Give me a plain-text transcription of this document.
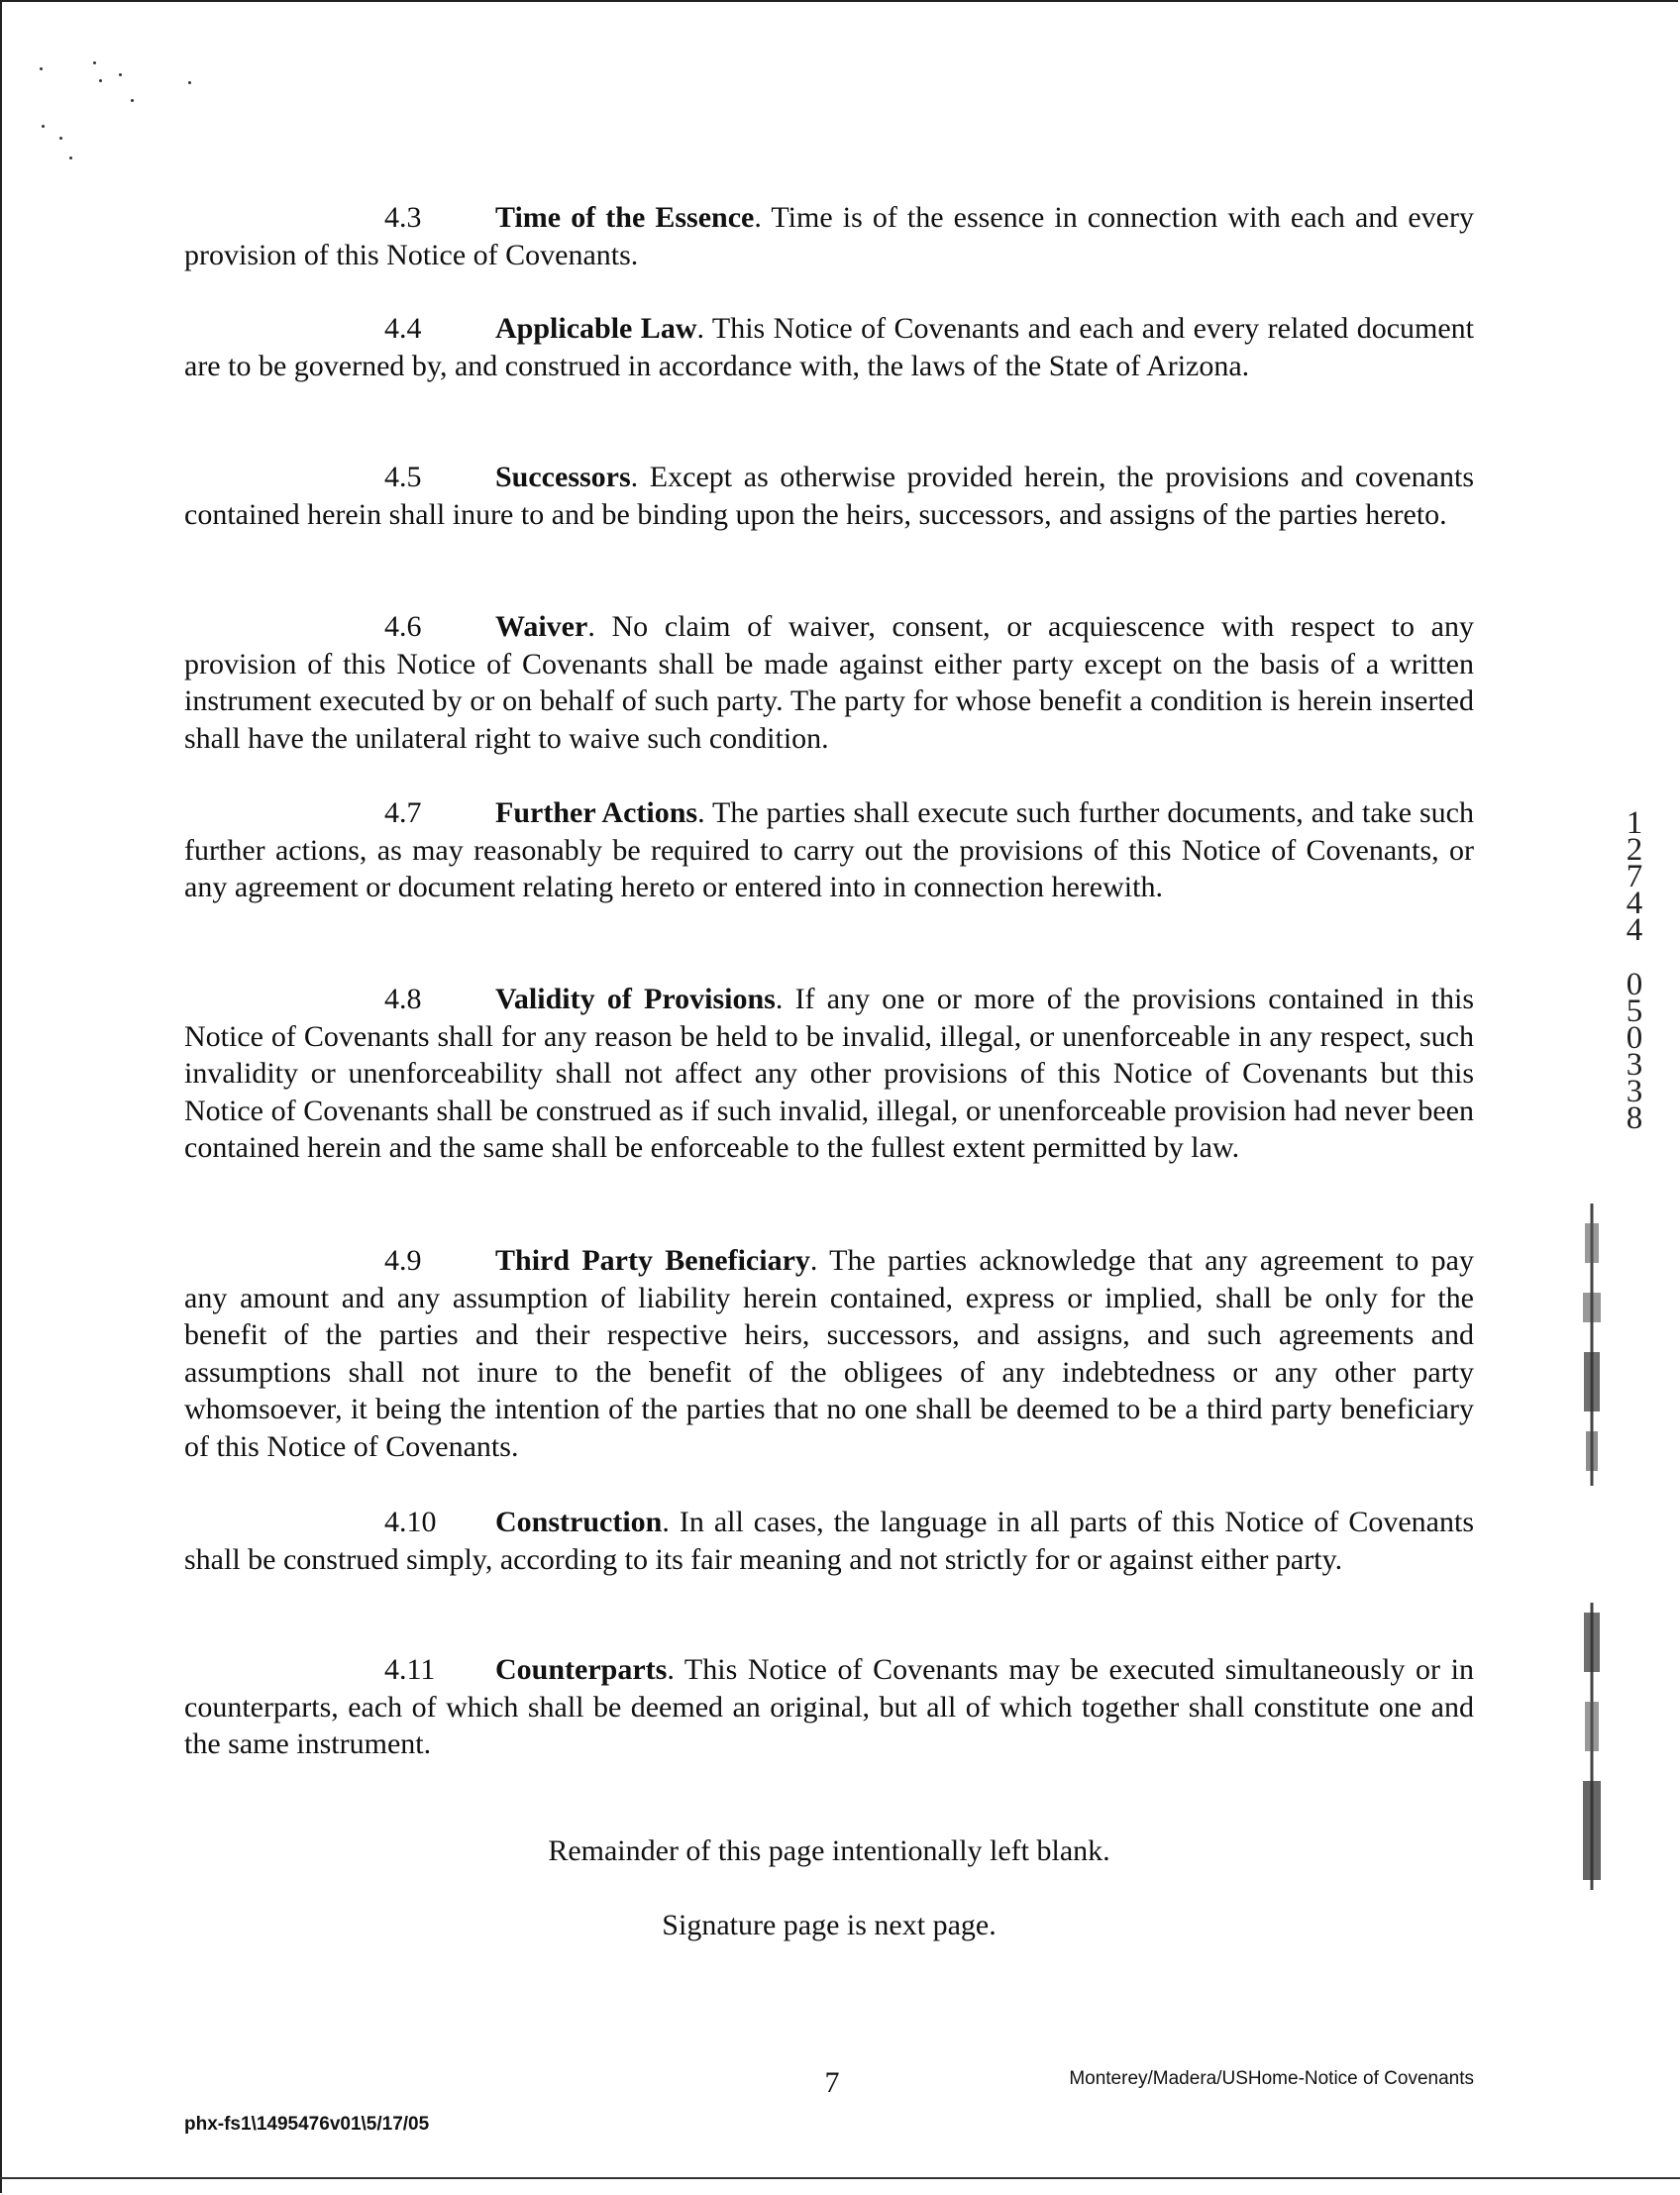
4.3 Time of the Essence. Time is of the essence in connection with each and every provision of this Notice of Covenants.
4.4 Applicable Law. This Notice of Covenants and each and every related document are to be governed by, and construed in accordance with, the laws of the State of Arizona.
4.5 Successors. Except as otherwise provided herein, the provisions and covenants contained herein shall inure to and be binding upon the heirs, successors, and assigns of the parties hereto.
4.6 Waiver. No claim of waiver, consent, or acquiescence with respect to any provision of this Notice of Covenants shall be made against either party except on the basis of a written instrument executed by or on behalf of such party. The party for whose benefit a condition is herein inserted shall have the unilateral right to waive such condition.
4.7 Further Actions. The parties shall execute such further documents, and take such further actions, as may reasonably be required to carry out the provisions of this Notice of Covenants, or any agreement or document relating hereto or entered into in connection herewith.
4.8 Validity of Provisions. If any one or more of the provisions contained in this Notice of Covenants shall for any reason be held to be invalid, illegal, or unenforceable in any respect, such invalidity or unenforceability shall not affect any other provisions of this Notice of Covenants but this Notice of Covenants shall be construed as if such invalid, illegal, or unenforceable provision had never been contained herein and the same shall be enforceable to the fullest extent permitted by law.
4.9 Third Party Beneficiary. The parties acknowledge that any agreement to pay any amount and any assumption of liability herein contained, express or implied, shall be only for the benefit of the parties and their respective heirs, successors, and assigns, and such agreements and assumptions shall not inure to the benefit of the obligees of any indebtedness or any other party whomsoever, it being the intention of the parties that no one shall be deemed to be a third party beneficiary of this Notice of Covenants.
4.10 Construction. In all cases, the language in all parts of this Notice of Covenants shall be construed simply, according to its fair meaning and not strictly for or against either party.
4.11 Counterparts. This Notice of Covenants may be executed simultaneously or in counterparts, each of which shall be deemed an original, but all of which together shall constitute one and the same instrument.
Remainder of this page intentionally left blank.
Signature page is next page.
1
2
7
4
4
0
5
0
3
3
8
7	Monterey/Madera/USHome-Notice of Covenants
phx-fs1\1495476v01\5/17/05
